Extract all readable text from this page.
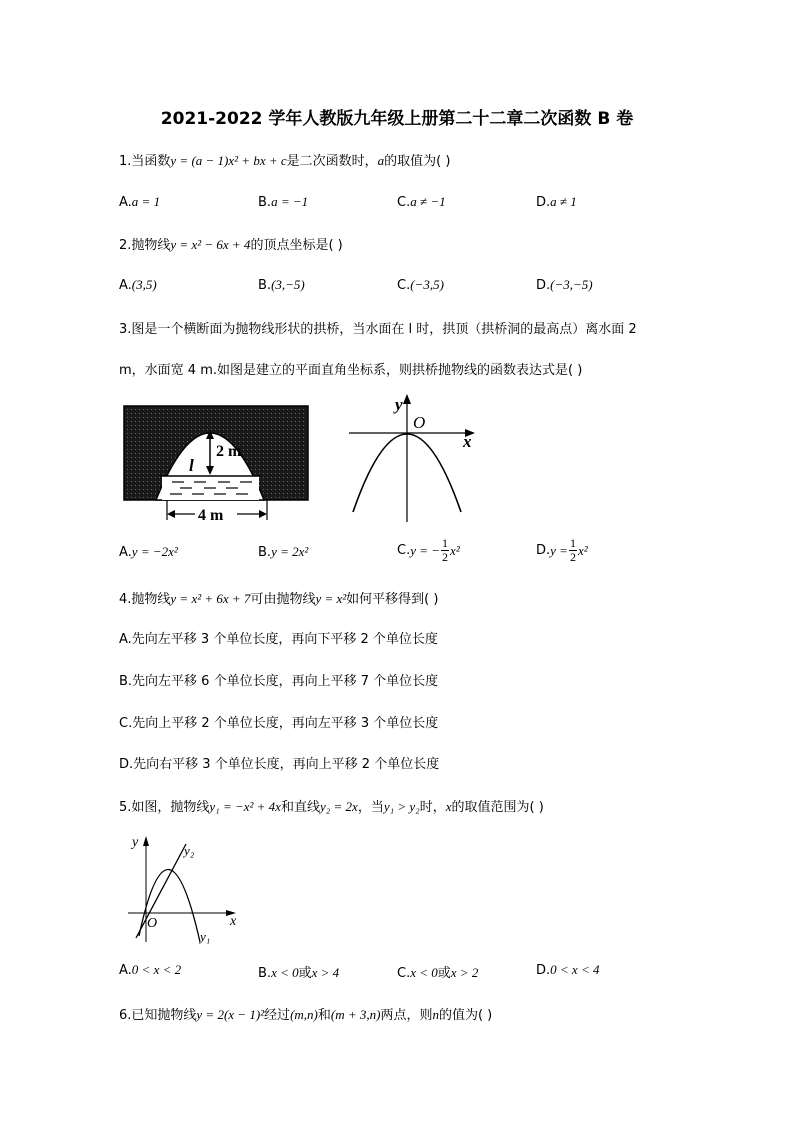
2021-2022 学年人教版九年级上册第二十二章二次函数 B 卷
1.当函数y = (a − 1)x² + bx + c是二次函数时，a的取值为( )
A.a = 1	B.a = −1	C.a ≠ −1	D.a ≠ 1
2.抛物线y = x² − 6x + 4的顶点坐标是( )
A.(3,5)	B.(3,−5)	C.(−3,5)	D.(−3,−5)
3.图是一个横断面为抛物线形状的拱桥，当水面在 l 时，拱顶（拱桥洞的最高点）离水面 2
m，水面宽 4 m.如图是建立的平面直角坐标系，则拱桥抛物线的函数表达式是( )
2 m
l
4 m
y
x
O
A.y = −2x²	B.y = 2x²	C.y = − $\frac{1}{2} x^2$	$D.y = \frac{1}{2} x^2$
4.抛物线y = x² + 6x + 7可由抛物线y = x²如何平移得到( )
A.先向左平移 3 个单位长度，再向下平移 2 个单位长度
B.先向左平移 6 个单位长度，再向上平移 7 个单位长度
C.先向上平移 2 个单位长度，再向左平移 3 个单位长度
D.先向右平移 3 个单位长度，再向上平移 2 个单位长度
5.如图，抛物线y₁ = −x² + 4x和直线y₂ = 2x，当y₁ > y₂时，x的取值范围为( )
y
x
O
y₂
y₁
A.0 < x < 2	B.x < 0或x > 4	C.x < 0或x > 2	D.0 < x < 4
6.已知抛物线y = 2(x − 1)²经过(m,n)和(m + 3,n)两点，则n的值为( )
